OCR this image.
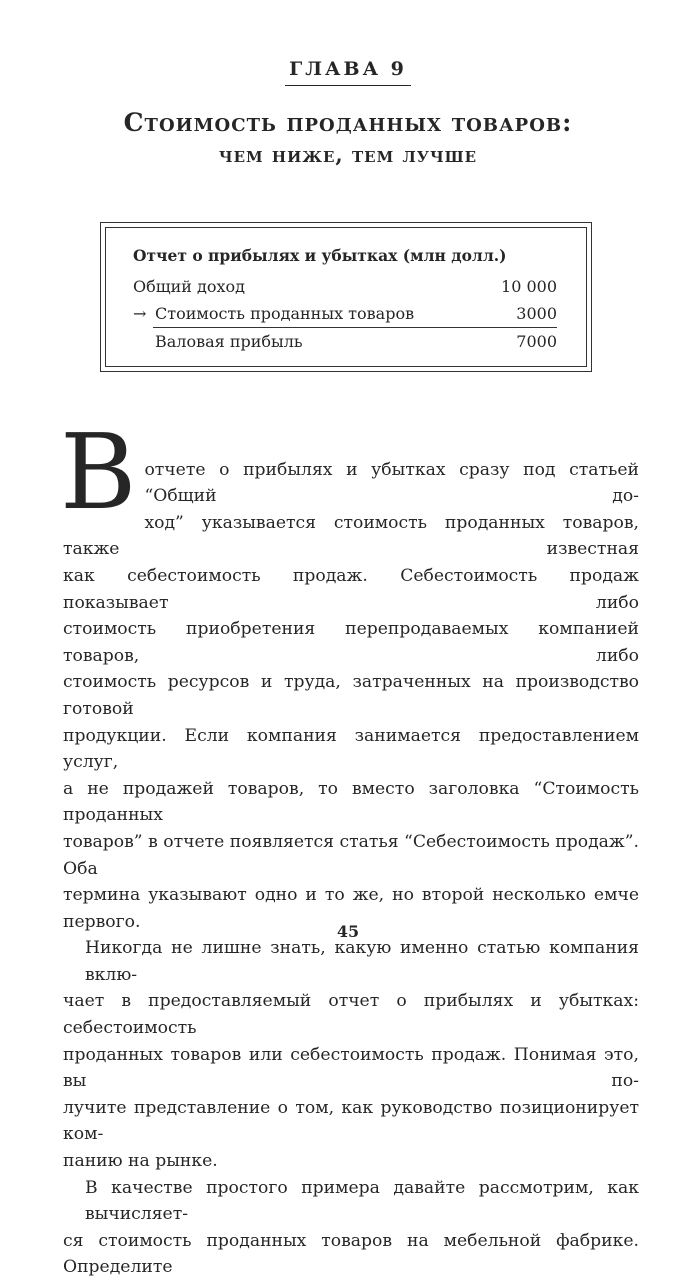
ГЛАВА 9
Стоимость проданных товаров:
чем ниже, тем лучше
Отчет о прибылях и убытках (млн долл.)
Общий доход	10 000
→ Стоимость проданных товаров	3000
Валовая прибыль	7000

В отчете о прибылях и убытках сразу под статьей “Общий до-
ход” указывается стоимость проданных товаров, также известная
как себестоимость продаж. Себестоимость продаж показывает либо
стоимость приобретения перепродаваемых компанией товаров, либо
стоимость ресурсов и труда, затраченных на производство готовой
продукции. Если компания занимается предоставлением услуг,
а не продажей товаров, то вместо заголовка “Стоимость проданных
товаров” в отчете появляется статья “Себестоимость продаж”. Оба
термина указывают одно и то же, но второй несколько емче первого.

Никогда не лишне знать, какую именно статью компания вклю-
чает в предоставляемый отчет о прибылях и убытках: себестоимость
проданных товаров или себестоимость продаж. Понимая это, вы по-
лучите представление о том, как руководство позиционирует ком-
панию на рынке.

В качестве простого примера давайте рассмотрим, как вычисляет-
ся стоимость проданных товаров на мебельной фабрике. Определите

45
